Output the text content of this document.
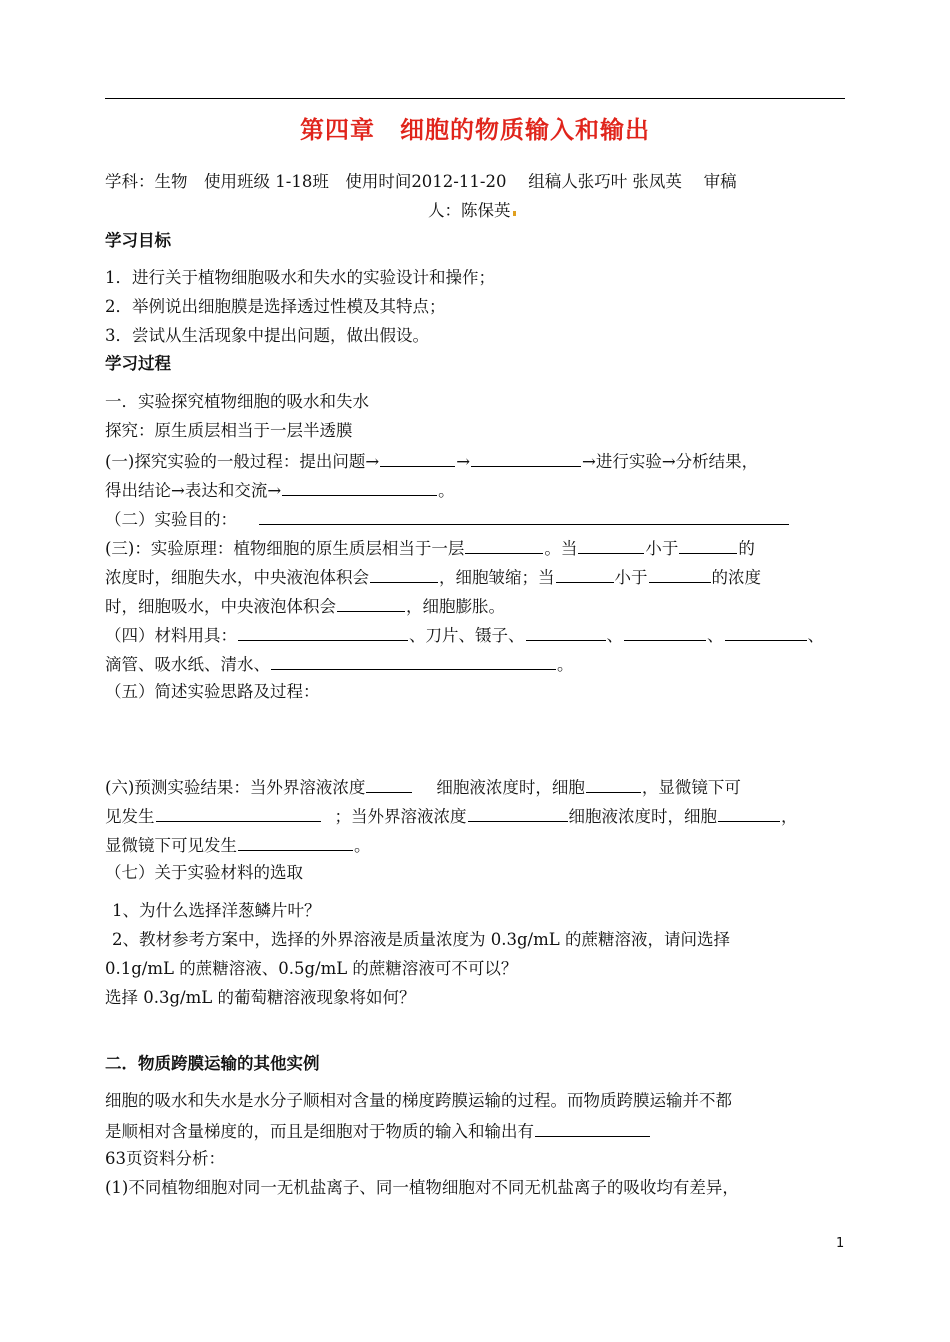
第四章　细胞的物质输入和输出
学科：生物　使用班级 1-18班　使用时间2012-11-20　 组稿人张巧叶 张凤英　 审稿
人：陈保英
学习目标
1．进行关于植物细胞吸水和失水的实验设计和操作；
2．举例说出细胞膜是选择透过性模及其特点；
3．尝试从生活现象中提出问题，做出假设。
学习过程
一．实验探究植物细胞的吸水和失水
探究：原生质层相当于一层半透膜
(一)探究实验的一般过程：提出问题→	→	→进行实验→分析结果，
得出结论→表达和交流→	。
（二）实验目的：
(三)：实验原理：植物细胞的原生质层相当于一层	。当	小于	的
浓度时，细胞失水，中央液泡体积会	，细胞皱缩；当	小于	的浓度
时，细胞吸水，中央液泡体积会	，细胞膨胀。
（四）材料用具：	、刀片、镊子、	、	、	、
滴管、吸水纸、清水、	。
（五）简述实验思路及过程：
(六)预测实验结果：当外界溶液浓度	细胞液浓度时，细胞	，显微镜下可
见发生	；当外界溶液浓度	细胞液浓度时，细胞	，
显微镜下可见发生	。
（七）关于实验材料的选取
1、为什么选择洋葱鳞片叶？
2、教材参考方案中，选择的外界溶液是质量浓度为 0.3g/mL 的蔗糖溶液，请问选择
0.1g/mL 的蔗糖溶液、0.5g/mL 的蔗糖溶液可不可以？
选择 0.3g/mL 的葡萄糖溶液现象将如何？
二．物质跨膜运输的其他实例
细胞的吸水和失水是水分子顺相对含量的梯度跨膜运输的过程。而物质跨膜运输并不都
是顺相对含量梯度的，而且是细胞对于物质的输入和输出有
63页资料分析：
(1)不同植物细胞对同一无机盐离子、同一植物细胞对不同无机盐离子的吸收均有差异，
1
